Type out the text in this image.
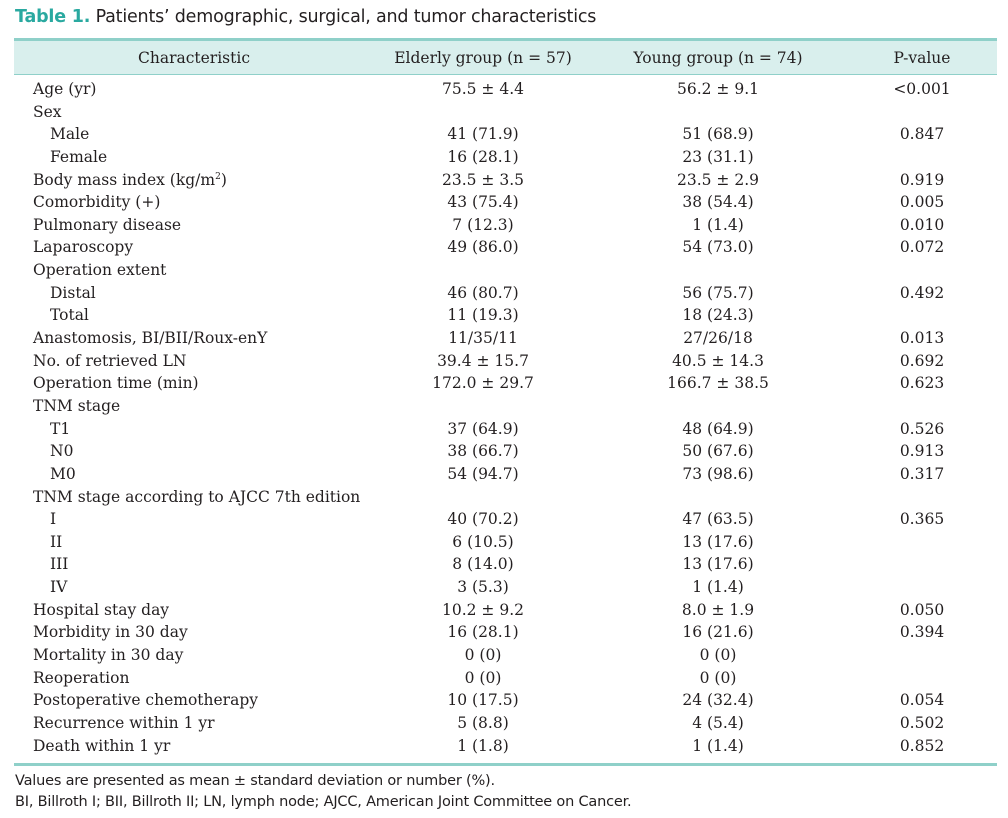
Table 1. Patients’ demographic, surgical, and tumor characteristics
Characteristic	Elderly group (n = 57)	Young group (n = 74)	P-value
Age (yr)	75.5 ± 4.4	56.2 ± 9.1	<0.001
Sex
Male	41 (71.9)	51 (68.9)	0.847
Female	16 (28.1)	23 (31.1)
Body mass index $(kg/m^2)$	23.5 ± 3.5	23.5 ± 2.9	0.919
Comorbidity (+)	43 (75.4)	38 (54.4)	0.005
Pulmonary disease	7 (12.3)	1 (1.4)	0.010
Laparoscopy	49 (86.0)	54 (73.0)	0.072
Operation extent
Distal	46 (80.7)	56 (75.7)	0.492
Total	11 (19.3)	18 (24.3)
Anastomosis, BI/BII/Roux-enY	11/35/11	27/26/18	0.013
No. of retrieved LN	39.4 ± 15.7	40.5 ± 14.3	0.692
Operation time (min)	172.0 ± 29.7	166.7 ± 38.5	0.623
TNM stage
T1	37 (64.9)	48 (64.9)	0.526
N0	38 (66.7)	50 (67.6)	0.913
M0	54 (94.7)	73 (98.6)	0.317
TNM stage according to AJCC 7th edition
I	40 (70.2)	47 (63.5)	0.365
II	6 (10.5)	13 (17.6)
III	8 (14.0)	13 (17.6)
IV	3 (5.3)	1 (1.4)
Hospital stay day	10.2 ± 9.2	8.0 ± 1.9	0.050
Morbidity in 30 day	16 (28.1)	16 (21.6)	0.394
Mortality in 30 day	0 (0)	0 (0)
Reoperation	0 (0)	0 (0)
Postoperative chemotherapy	10 (17.5)	24 (32.4)	0.054
Recurrence within 1 yr	5 (8.8)	4 (5.4)	0.502
Death within 1 yr	1 (1.8)	1 (1.4)	0.852
Values are presented as mean ± standard deviation or number (%).
BI, Billroth I; BII, Billroth II; LN, lymph node; AJCC, American Joint Committee on Cancer.
